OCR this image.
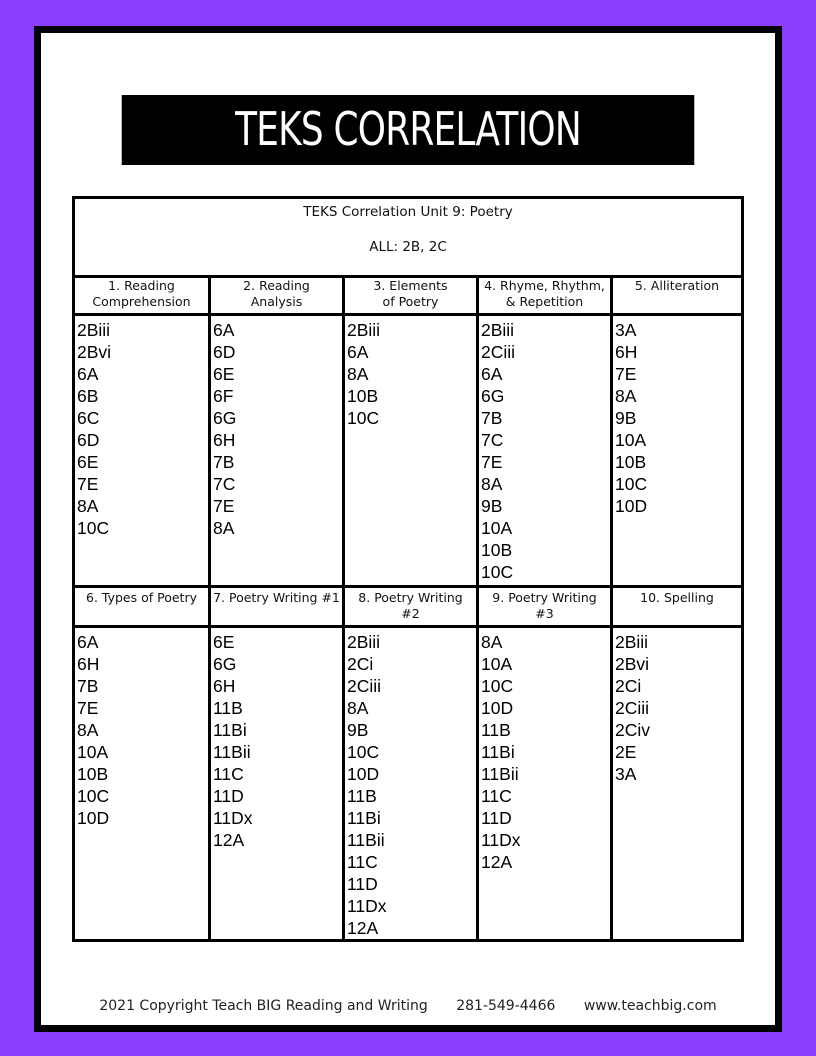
TEKS CORRELATION
TEKS Correlation Unit 9: Poetry
ALL: 2B, 2C
1. Reading
Comprehension
2. Reading
Analysis
3. Elements
of Poetry
4. Rhyme, Rhythm,
& Repetition
5. Alliteration
2Biii
2Bvi
6A
6B
6C
6D
6E
7E
8A
10C
6A
6D
6E
6F
6G
6H
7B
7C
7E
8A
2Biii
6A
8A
10B
10C
2Biii
2Ciii
6A
6G
7B
7C
7E
8A
9B
10A
10B
10C
3A
6H
7E
8A
9B
10A
10B
10C
10D
6. Types of Poetry	7. Poetry Writing #1	8. Poetry Writing
#2
9. Poetry Writing
#3
10. Spelling
6A
6H
7B
7E
8A
10A
10B
10C
10D
6E
6G
6H
11B
11Bi
11Bii
11C
11D
11Dx
12A
2Biii
2Ci
2Ciii
8A
9B
10C
10D
11B
11Bi
11Bii
11C
11D
11Dx
12A
8A
10A
10C
10D
11B
11Bi
11Bii
11C
11D
11Dx
12A
2Biii
2Bvi
2Ci
2Ciii
2Civ
2E
3A
2021 Copyright Teach BIG Reading and Writing 281-549-4466 www.teachbig.com
